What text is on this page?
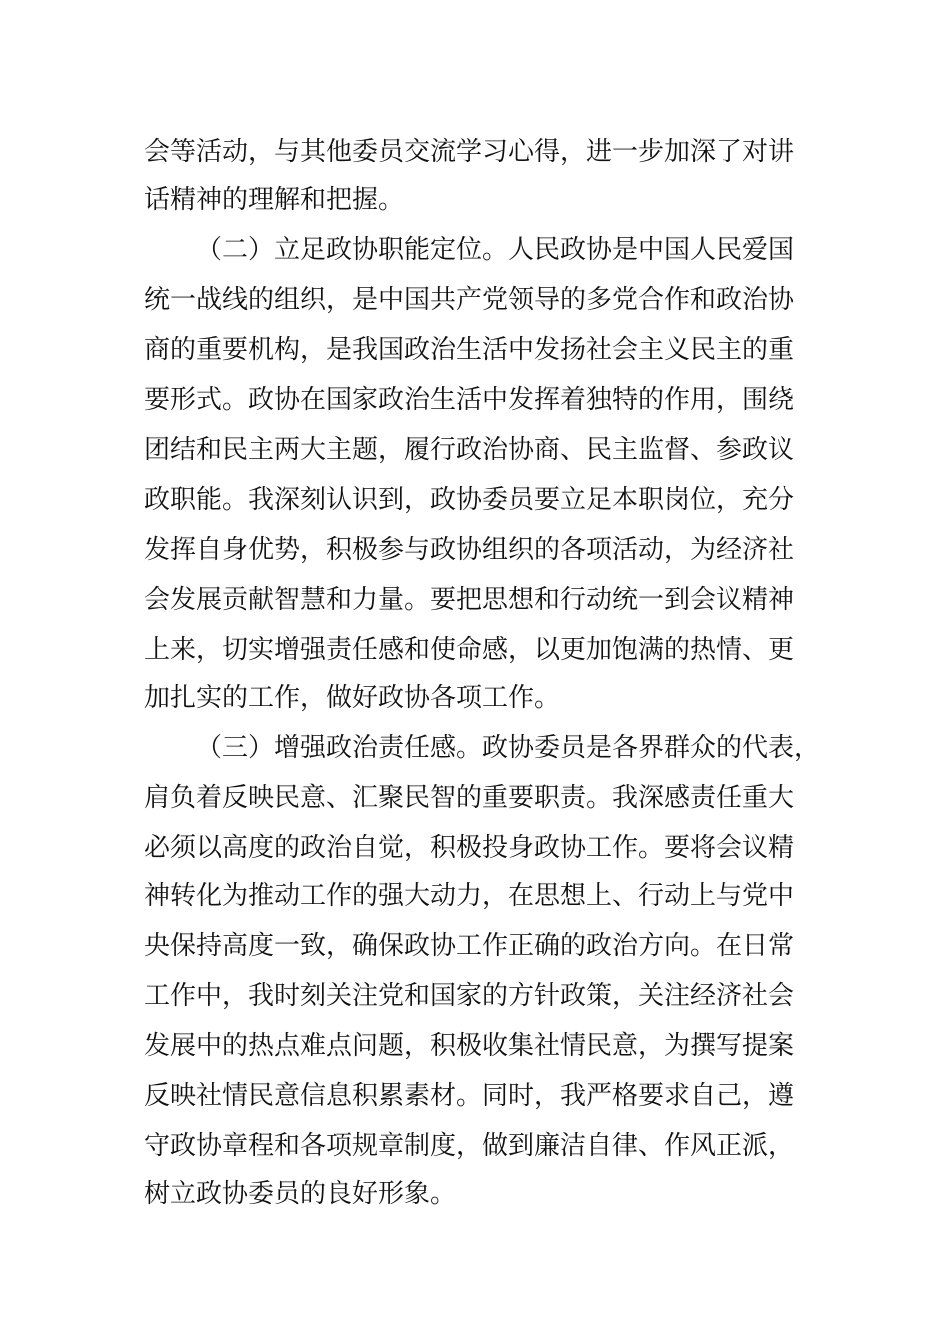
会等活动，与其他委员交流学习心得，进一步加深了对讲

话精神的理解和把握。

（二）立足政协职能定位。人民政协是中国人民爱国

统一战线的组织，是中国共产党领导的多党合作和政治协

商的重要机构，是我国政治生活中发扬社会主义民主的重

要形式。政协在国家政治生活中发挥着独特的作用，围绕

团结和民主两大主题，履行政治协商、民主监督、参政议

政职能。我深刻认识到，政协委员要立足本职岗位，充分

发挥自身优势，积极参与政协组织的各项活动，为经济社

会发展贡献智慧和力量。要把思想和行动统一到会议精神

上来，切实增强责任感和使命感，以更加饱满的热情、更

加扎实的工作，做好政协各项工作。

（三）增强政治责任感。政协委员是各界群众的代表，

肩负着反映民意、汇聚民智的重要职责。我深感责任重大

必须以高度的政治自觉，积极投身政协工作。要将会议精

神转化为推动工作的强大动力，在思想上、行动上与党中

央保持高度一致，确保政协工作正确的政治方向。在日常

工作中，我时刻关注党和国家的方针政策，关注经济社会

发展中的热点难点问题，积极收集社情民意，为撰写提案

反映社情民意信息积累素材。同时，我严格要求自己，遵

守政协章程和各项规章制度，做到廉洁自律、作风正派，

树立政协委员的良好形象。
